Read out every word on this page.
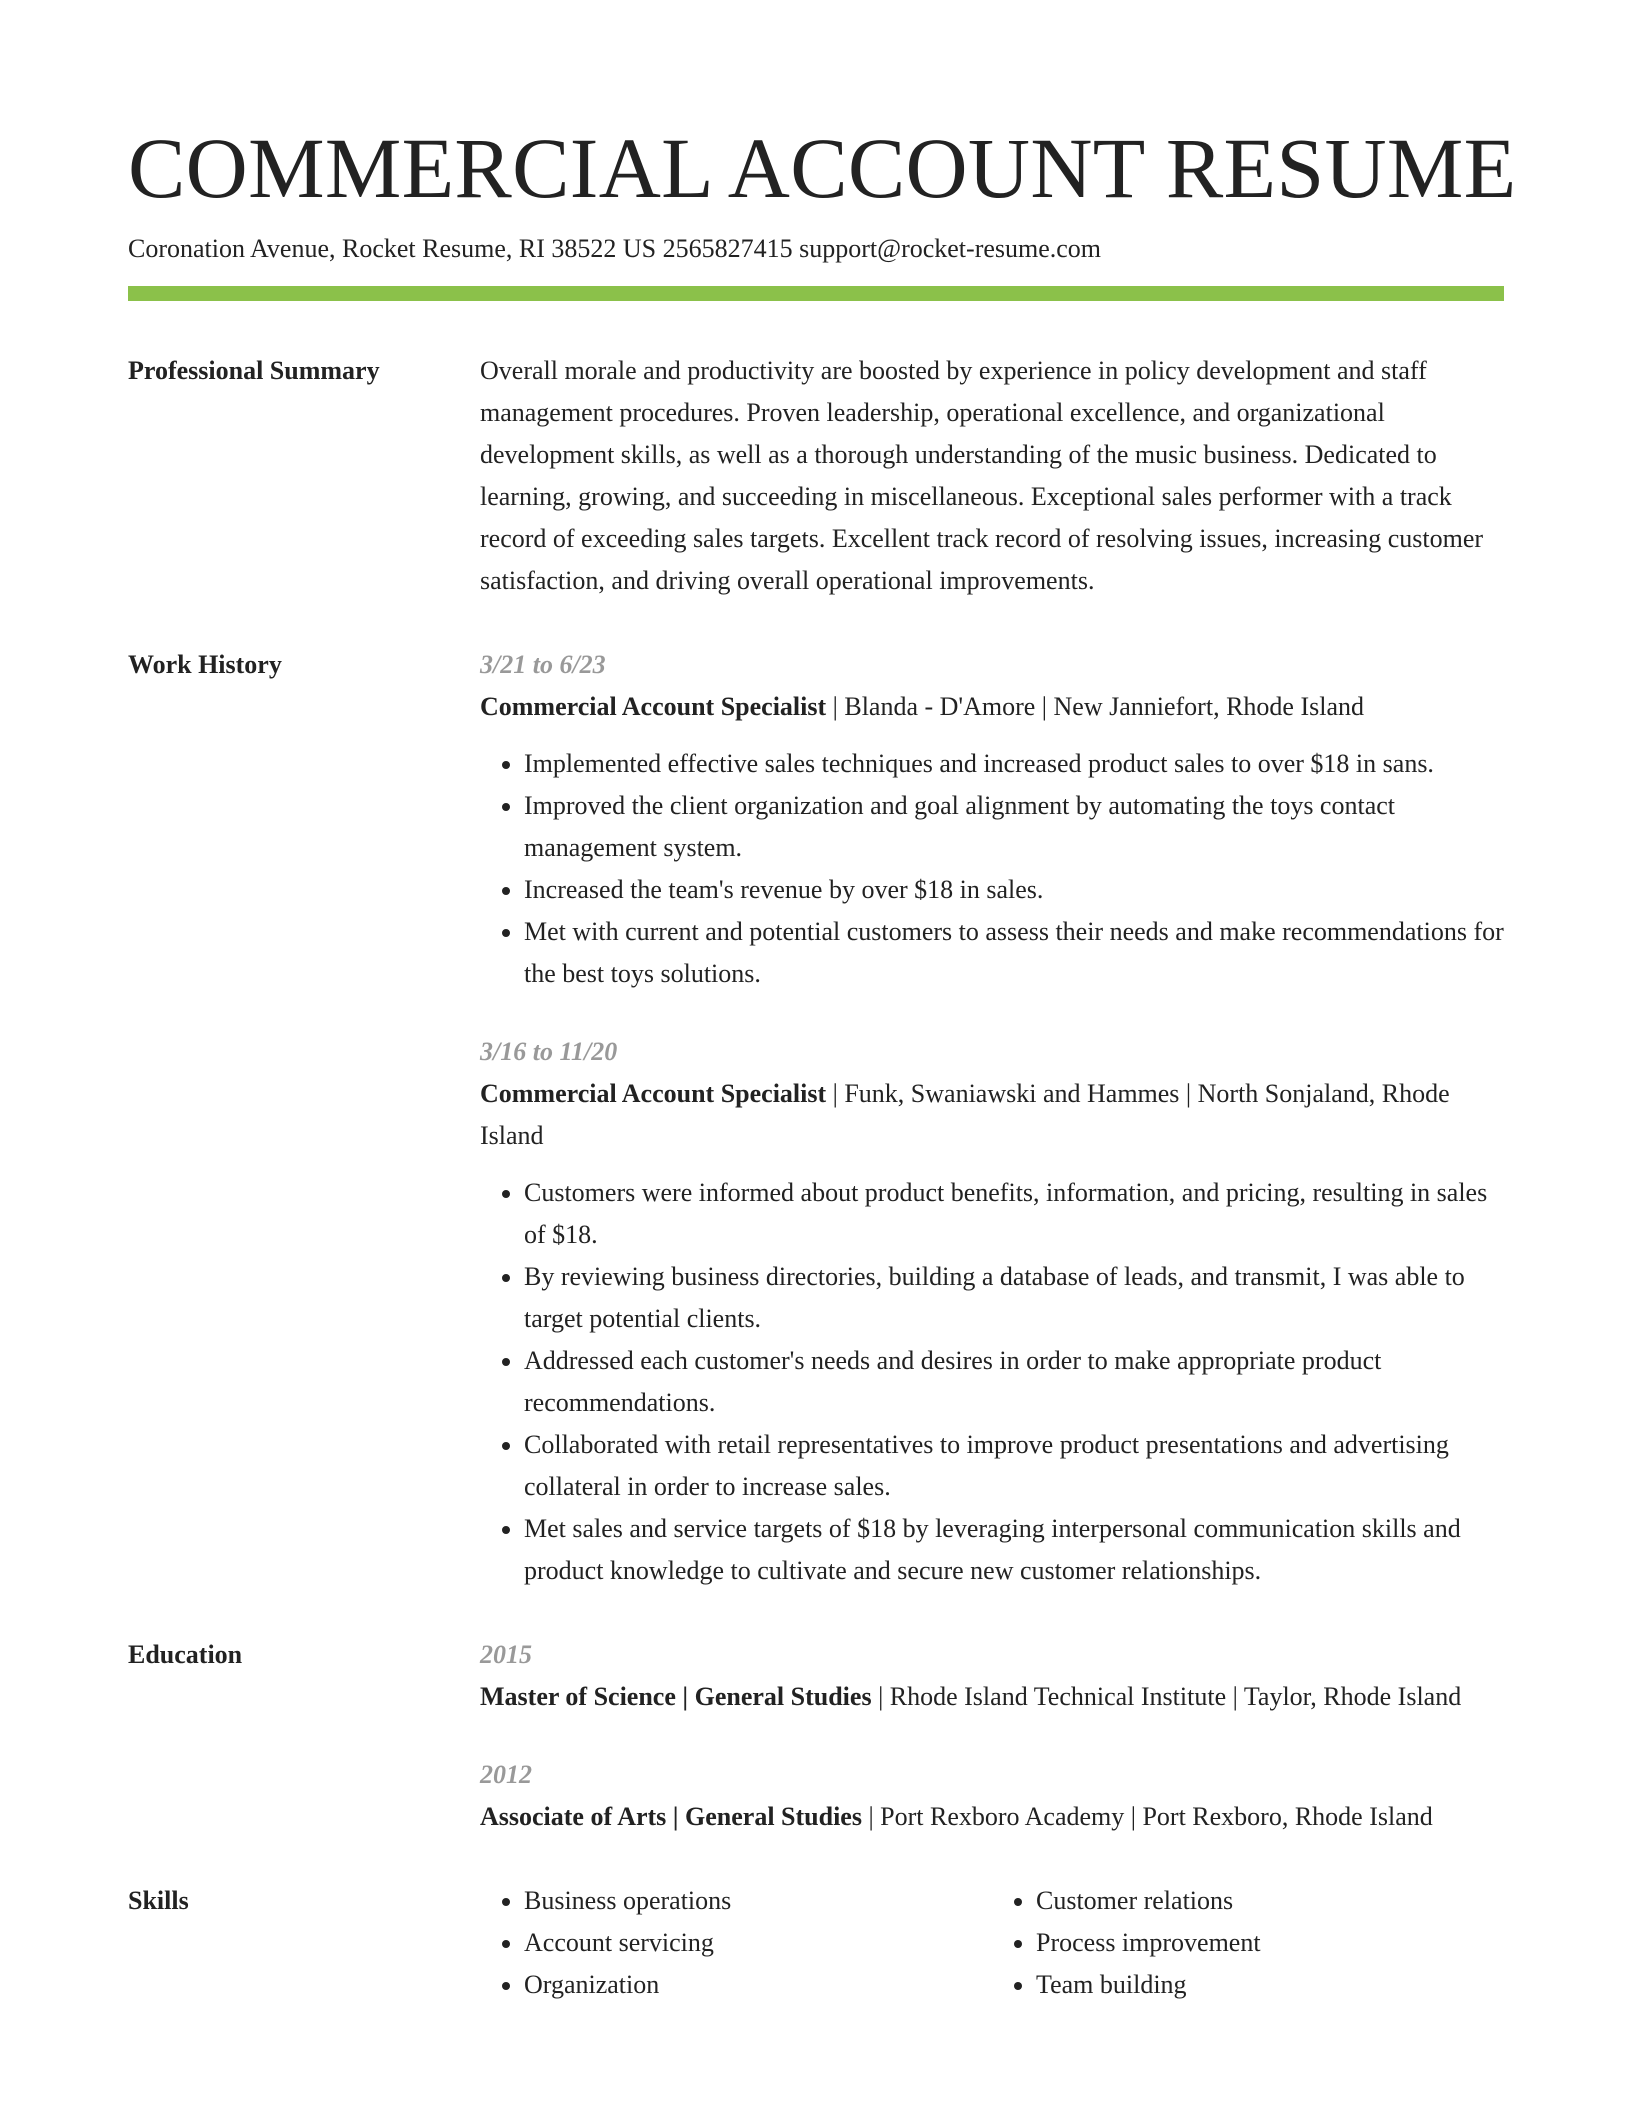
COMMERCIAL ACCOUNT RESUME
Coronation Avenue, Rocket Resume, RI 38522 US 2565827415 support@rocket-resume.com
Professional Summary	Overall morale and productivity are boosted by experience in policy development and staff management procedures. Proven leadership, operational excellence, and organizational development skills, as well as a thorough understanding of the music business. Dedicated to learning, growing, and succeeding in miscellaneous. Exceptional sales performer with a track record of exceeding sales targets. Excellent track record of resolving issues, increasing customer satisfaction, and driving overall operational improvements.

Work History	3/21 to 6/23
Commercial Account Specialist | Blanda - D'Amore | New Janniefort, Rhode Island
• Implemented effective sales techniques and increased product sales to over $18 in sans.
• Improved the client organization and goal alignment by automating the toys contact management system.
• Increased the team's revenue by over $18 in sales.
• Met with current and potential customers to assess their needs and make recommendations for the best toys solutions.
3/16 to 11/20
Commercial Account Specialist | Funk, Swaniawski and Hammes | North Sonjaland, Rhode Island
• Customers were informed about product benefits, information, and pricing, resulting in sales of $18.
• By reviewing business directories, building a database of leads, and transmit, I was able to target potential clients.
• Addressed each customer's needs and desires in order to make appropriate product recommendations.
• Collaborated with retail representatives to improve product presentations and advertising collateral in order to increase sales.
• Met sales and service targets of $18 by leveraging interpersonal communication skills and product knowledge to cultivate and secure new customer relationships.
Education	2015
Master of Science | General Studies | Rhode Island Technical Institute | Taylor, Rhode Island
2012
Associate of Arts | General Studies | Port Rexboro Academy | Port Rexboro, Rhode Island
Skills
•	Business operations
• Account servicing
• Organization
• Customer relations
• Process improvement
• Team building
